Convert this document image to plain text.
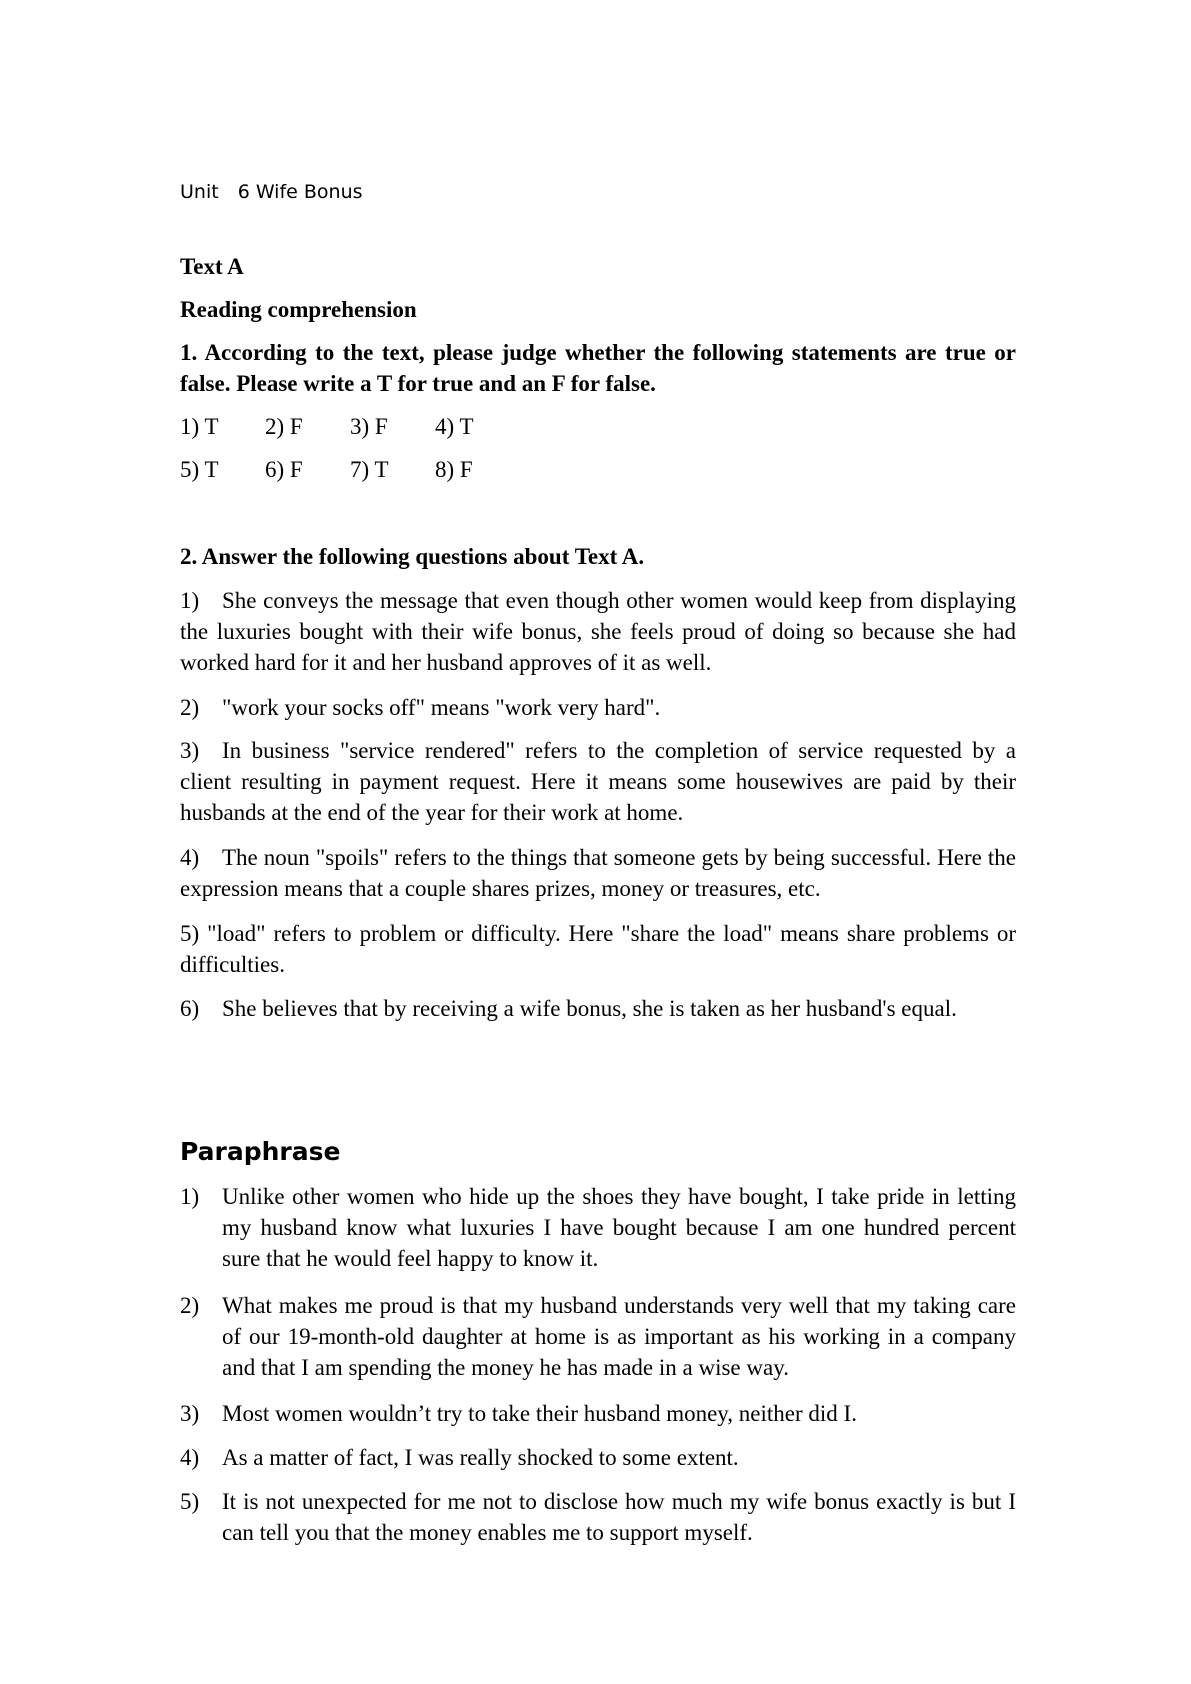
Unit 6 Wife Bonus
Text A
Reading comprehension
1. According to the text, please judge whether the following statements are true or false. Please write a T for true and an F for false.
1) T	2) F	3) F	4) T
5) T	6) F	7) T	8) F
2. Answer the following questions about Text A.
1) She conveys the message that even though other women would keep from displaying the luxuries bought with their wife bonus, she feels proud of doing so because she had worked hard for it and her husband approves of it as well.
2) "work your socks off" means "work very hard".
3) In business "service rendered" refers to the completion of service requested by a client resulting in payment request. Here it means some housewives are paid by their husbands at the end of the year for their work at home.
4) The noun "spoils" refers to the things that someone gets by being successful. Here the expression means that a couple shares prizes, money or treasures, etc.
5) "load" refers to problem or difficulty. Here "share the load" means share problems or difficulties.
6) She believes that by receiving a wife bonus, she is taken as her husband's equal.
Paraphrase
1) Unlike other women who hide up the shoes they have bought, I take pride in letting my husband know what luxuries I have bought because I am one hundred percent sure that he would feel happy to know it.
2) What makes me proud is that my husband understands very well that my taking care of our 19-month-old daughter at home is as important as his working in a company and that I am spending the money he has made in a wise way.
3) Most women wouldn’t try to take their husband money, neither did I.
4) As a matter of fact, I was really shocked to some extent.
5) It is not unexpected for me not to disclose how much my wife bonus exactly is but I can tell you that the money enables me to support myself.
